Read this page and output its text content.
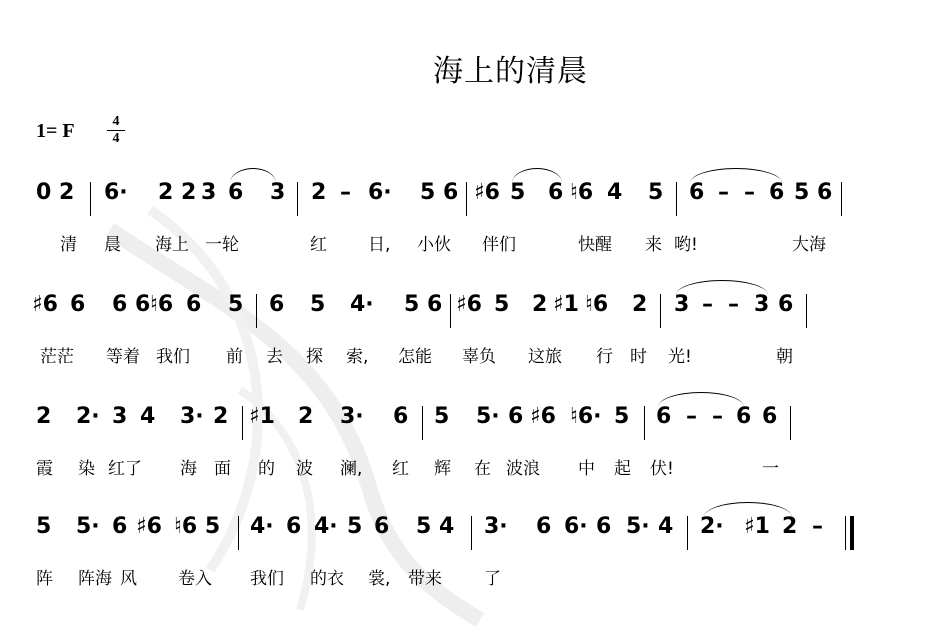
海上的清晨
1= F	4
4
0 2 6· 2 2 3 6 3 2 – 6· 5 6 ♯6 5 6 ♮6 4 5 6 – – 6 5 6
清 晨 海上 一轮	红 日, 小伙 伴们	快醒 来 哟!	大海
♯6 6 6 6 ♮6 6 5 6 5 4· 5 6 ♯6 5 2 ♯1 ♮6 2 3 – – 3 6
茫茫 等着 我们 前 去 探 索, 怎能 辜负 这旅 行 时 光!	朝
2 2· 3 4 3· 2 ♯1 2 3· 6 5 5· 6 ♯6 ♮6· 5 6 – – 6 6
霞 染 红了 海 面 的 波 澜, 红 辉 在 波浪 中 起 伏!	一
5 5· 6 ♯6 ♮6 5 4· 6 4· 5 6 5 4 3· 6 6· 6 5· 4 2· ♯1 2 –
阵 阵海 风 卷入 我们 的衣 裳, 带来 了
